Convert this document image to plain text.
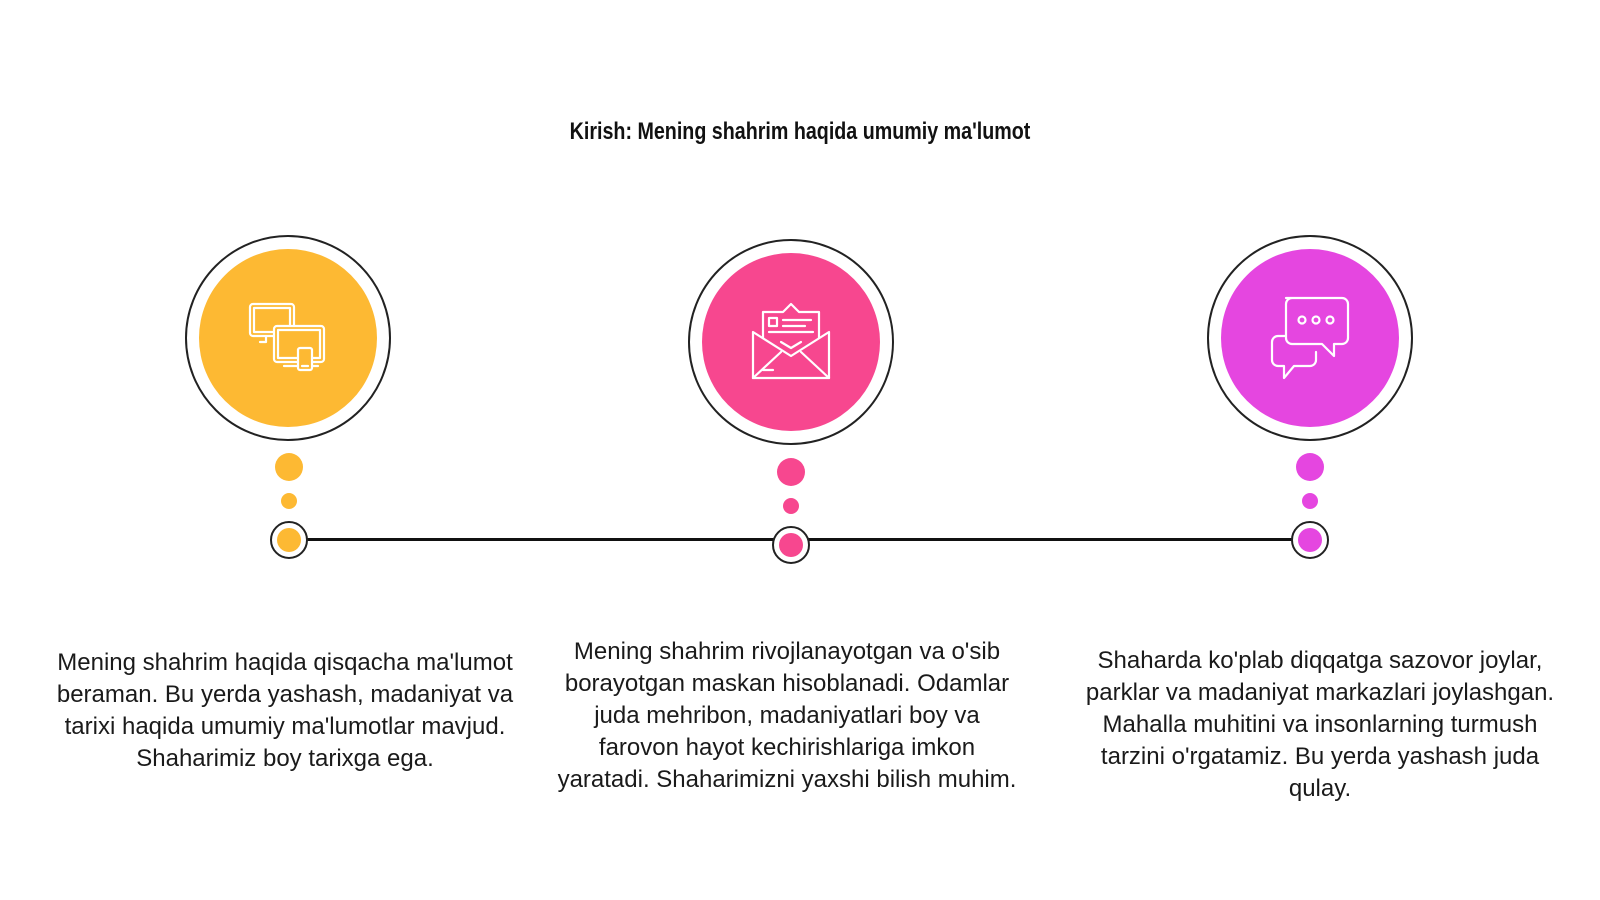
Kirish: Mening shahrim haqida umumiy ma'lumot
Mening shahrim haqida qisqacha ma'lumot beraman. Bu yerda yashash, madaniyat va tarixi haqida umumiy ma'lumotlar mavjud. Shaharimiz boy tarixga ega.
Mening shahrim rivojlanayotgan va o'sib borayotgan maskan hisoblanadi. Odamlar juda mehribon, madaniyatlari boy va farovon hayot kechirishlariga imkon yaratadi. Shaharimizni yaxshi bilish muhim.
Shaharda ko'plab diqqatga sazovor joylar, parklar va madaniyat markazlari joylashgan. Mahalla muhitini va insonlarning turmush tarzini o'rgatamiz. Bu yerda yashash juda qulay.
